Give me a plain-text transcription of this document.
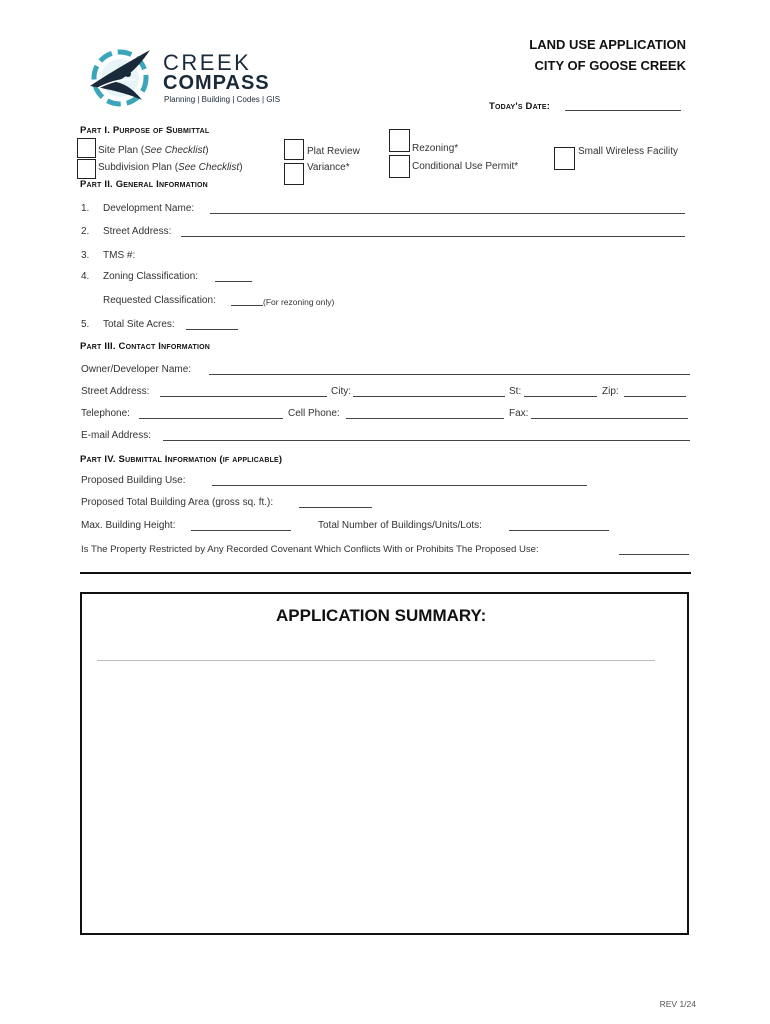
CREEK
COMPASS
Planning | Building | Codes | GIS
LAND USE APPLICATION
CITY OF GOOSE CREEK
Today's Date:
Part I. Purpose of Submittal
Site Plan (See Checklist)
Subdivision Plan (See Checklist)
Plat Review
Variance*
Rezoning*
Conditional Use Permit*
Small Wireless Facility
Part II. General Information
1. Development Name:
2. Street Address:
3. TMS #:
4. Zoning Classification:
Requested Classification:	(For rezoning only)
5. Total Site Acres:
Part III. Contact Information
Owner/Developer Name:
Street Address:	City:	St:	Zip:
Telephone:	Cell Phone:	Fax:
E-mail Address:
Part IV. Submittal Information (if applicable)
Proposed Building Use:
Proposed Total Building Area (gross sq. ft.):
Max. Building Height:	Total Number of Buildings/Units/Lots:
Is The Property Restricted by Any Recorded Covenant Which Conflicts With or Prohibits The Proposed Use:
APPLICATION SUMMARY:
REV 1/24
